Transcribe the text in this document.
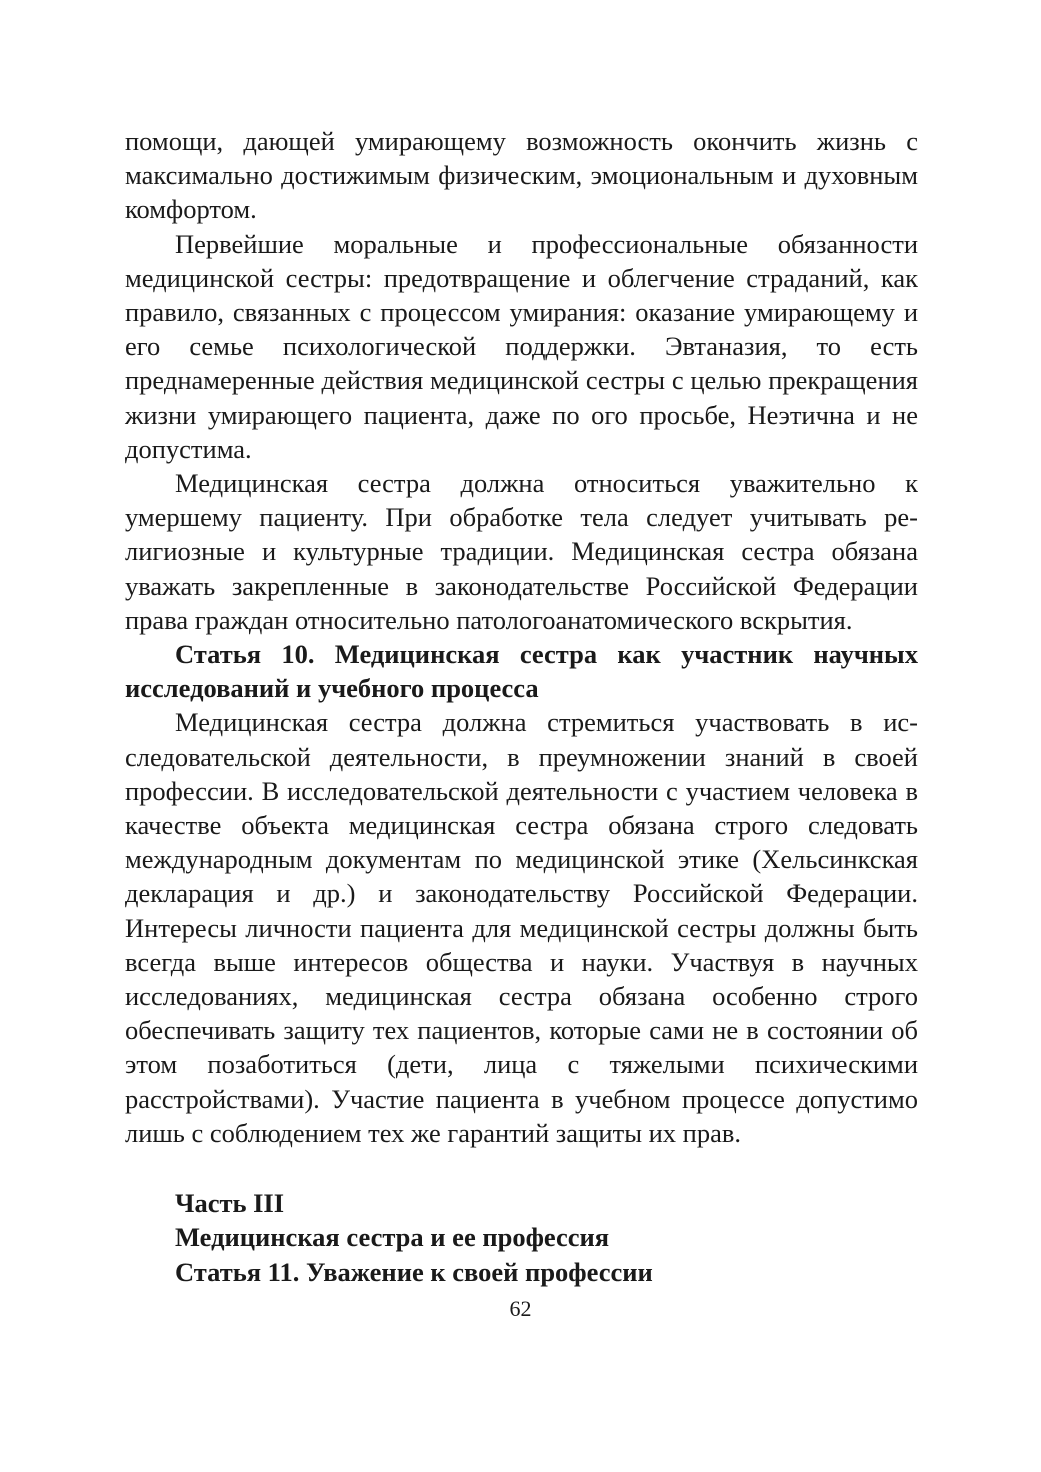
помощи, дающей умирающему возможность окончить жизнь с максимально достижимым физическим, эмоциональным и духовным комфортом.

Первейшие моральные и профессиональные обязанности медицинской сестры: предотвращение и облегчение страданий, как правило, связанных с процессом умирания: оказание умирающему и его семье психологической поддержки. Эвтаназия, то есть преднамеренные действия медицинской сестры с целью прекращения жизни умирающего пациента, даже по ого просьбе, Неэтична и не допустима.

Медицинская сестра должна относиться уважительно к умершему пациенту. При обработке тела следует учитывать религиозные и культурные традиции. Медицинская сестра обязана уважать закрепленные в законодательстве Российской Федерации права граждан относительно патологоанатомического вскрытия.

Статья 10. Медицинская сестра как участник научных исследований и учебного процесса

Медицинская сестра должна стремиться участвовать в исследовательской деятельности, в преумножении знаний в своей профессии. В исследовательской деятельности с участием человека в качестве объекта медицинская сестра обязана строго следовать международным документам по медицинской этике (Хельсинкская декларация и др.) и законодательству Российской Федерации. Интересы личности пациента для медицинской сестры должны быть всегда выше интересов общества и науки. Участвуя в научных исследованиях, медицинская сестра обязана особенно строго обеспечивать защиту тех пациентов, которые сами не в состоянии об этом позаботиться (дети, лица с тяжелыми психическими расстройствами). Участие пациента в учебном процессе допустимо лишь с соблюдением тех же гарантий защиты их прав.

Часть III
Медицинская сестра и ее профессия
Статья 11. Уважение к своей профессии
62
